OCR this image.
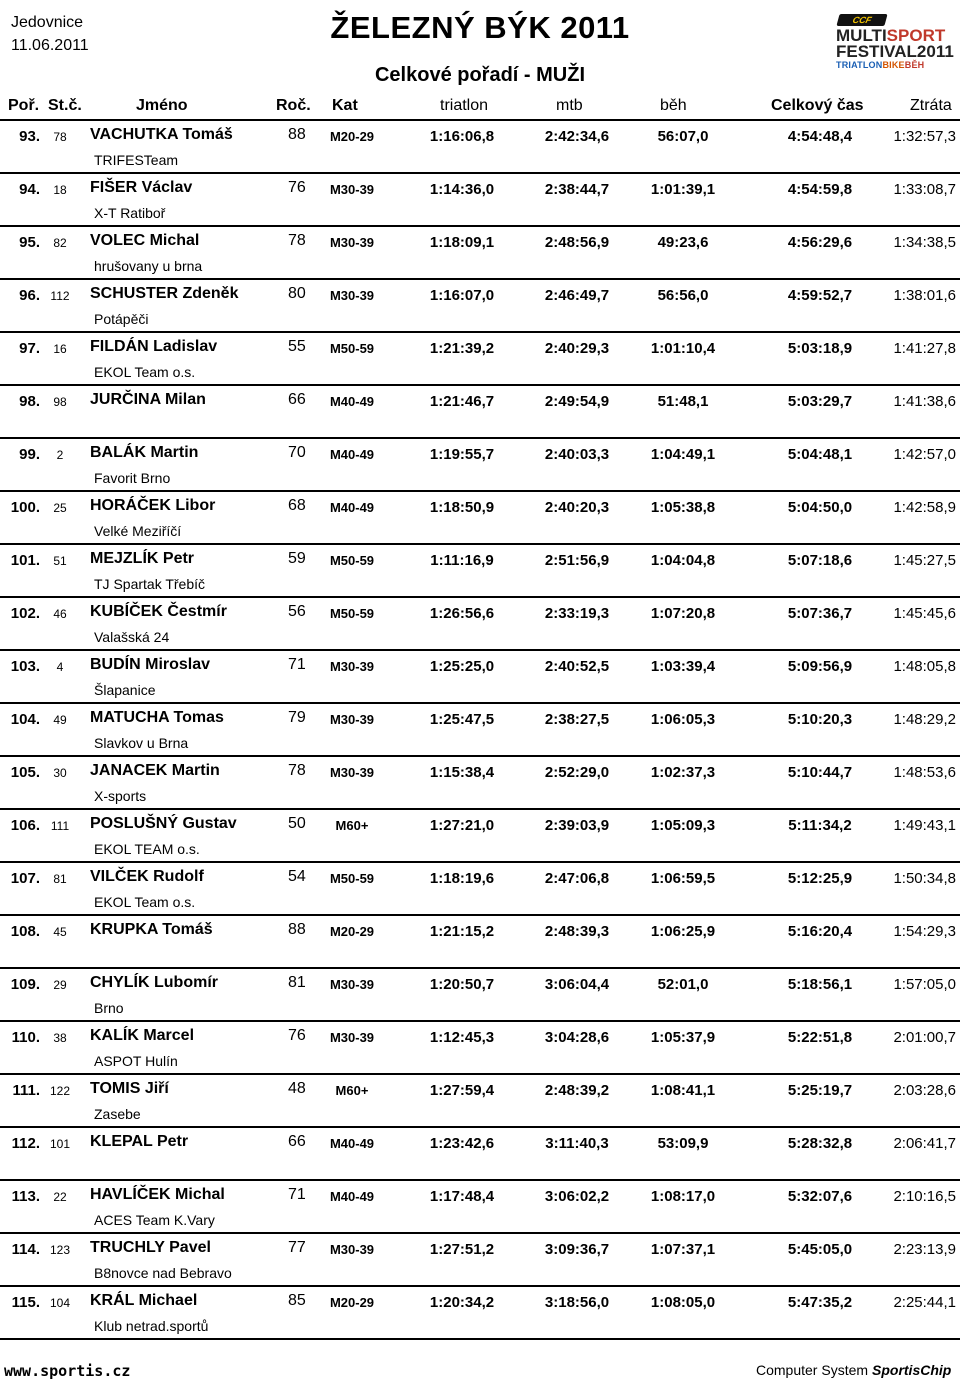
Jedovnice
11.06.2011
ŽELEZNÝ BÝK 2011
Celkové pořadí - MUŽI
CCF
MULTISPORT
FESTIVAL2011
TRIATLONBIKEBĚH
Poř. St.č.	Jméno	Roč. Kat	triatlon	mtb	běh	Celkový čas	Ztráta
93.	78	VACHUTKA Tomáš	88	M20-29	1:16:06,8	2:42:34,6	56:07,0	4:54:48,4	1:32:57,3
TRIFESTeam
94.	18	FIŠER Václav	76	M30-39	1:14:36,0	2:38:44,7	1:01:39,1	4:54:59,8	1:33:08,7
X-T Ratiboř
95.	82	VOLEC Michal	78	M30-39	1:18:09,1	2:48:56,9	49:23,6	4:56:29,6	1:34:38,5
hrušovany u brna
96. 112 SCHUSTER Zdeněk	80	M30-39	1:16:07,0	2:46:49,7	56:56,0	4:59:52,7	1:38:01,6
Potápěči
97.	16	FILDÁN Ladislav	55	M50-59	1:21:39,2	2:40:29,3	1:01:10,4	5:03:18,9	1:41:27,8
EKOL Team o.s.
98.	98	JURČINA Milan	66	M40-49	1:21:46,7	2:49:54,9	51:48,1	5:03:29,7	1:41:38,6
99.	2	BALÁK Martin	70	M40-49	1:19:55,7	2:40:03,3	1:04:49,1	5:04:48,1	1:42:57,0
Favorit Brno
100.	25	HORÁČEK Libor	68	M40-49	1:18:50,9	2:40:20,3	1:05:38,8	5:04:50,0	1:42:58,9
Velké Meziříčí
101.	51	MEJZLÍK Petr	59	M50-59	1:11:16,9	2:51:56,9	1:04:04,8	5:07:18,6	1:45:27,5
TJ Spartak Třebíč
102.	46	KUBÍČEK Čestmír	56	M50-59	1:26:56,6	2:33:19,3	1:07:20,8	5:07:36,7	1:45:45,6
Valašská 24
103.	4	BUDÍN Miroslav	71	M30-39	1:25:25,0	2:40:52,5	1:03:39,4	5:09:56,9	1:48:05,8
Šlapanice
104.	49	MATUCHA Tomas	79	M30-39	1:25:47,5	2:38:27,5	1:06:05,3	5:10:20,3	1:48:29,2
Slavkov u Brna
105.	30	JANACEK Martin	78	M30-39	1:15:38,4	2:52:29,0	1:02:37,3	5:10:44,7	1:48:53,6
X-sports
106. 111 POSLUŠNÝ Gustav	50	M60+	1:27:21,0	2:39:03,9	1:05:09,3	5:11:34,2	1:49:43,1
EKOL TEAM o.s.
107.	81	VILČEK Rudolf	54	M50-59	1:18:19,6	2:47:06,8	1:06:59,5	5:12:25,9	1:50:34,8
EKOL Team o.s.
108.	45	KRUPKA Tomáš	88	M20-29	1:21:15,2	2:48:39,3	1:06:25,9	5:16:20,4	1:54:29,3
109.	29	CHYLÍK Lubomír	81	M30-39	1:20:50,7	3:06:04,4	52:01,0	5:18:56,1	1:57:05,0
Brno
110.	38	KALÍK Marcel	76	M30-39	1:12:45,3	3:04:28,6	1:05:37,9	5:22:51,8	2:01:00,7
ASPOT Hulín
111. 122 TOMIS Jiří	48	M60+	1:27:59,4	2:48:39,2	1:08:41,1	5:25:19,7	2:03:28,6
Zasebe
112. 101 KLEPAL Petr	66	M40-49	1:23:42,6	3:11:40,3	53:09,9	5:28:32,8	2:06:41,7
113.	22	HAVLÍČEK Michal	71	M40-49	1:17:48,4	3:06:02,2	1:08:17,0	5:32:07,6	2:10:16,5
ACES Team K.Vary
114. 123 TRUCHLY Pavel	77	M30-39	1:27:51,2	3:09:36,7	1:07:37,1	5:45:05,0	2:23:13,9
B8novce nad Bebravo
115. 104 KRÁL Michael	85	M20-29	1:20:34,2	3:18:56,0	1:08:05,0	5:47:35,2	2:25:44,1
Klub netrad.sportů
www.sportis.cz	Computer System SportisChip
